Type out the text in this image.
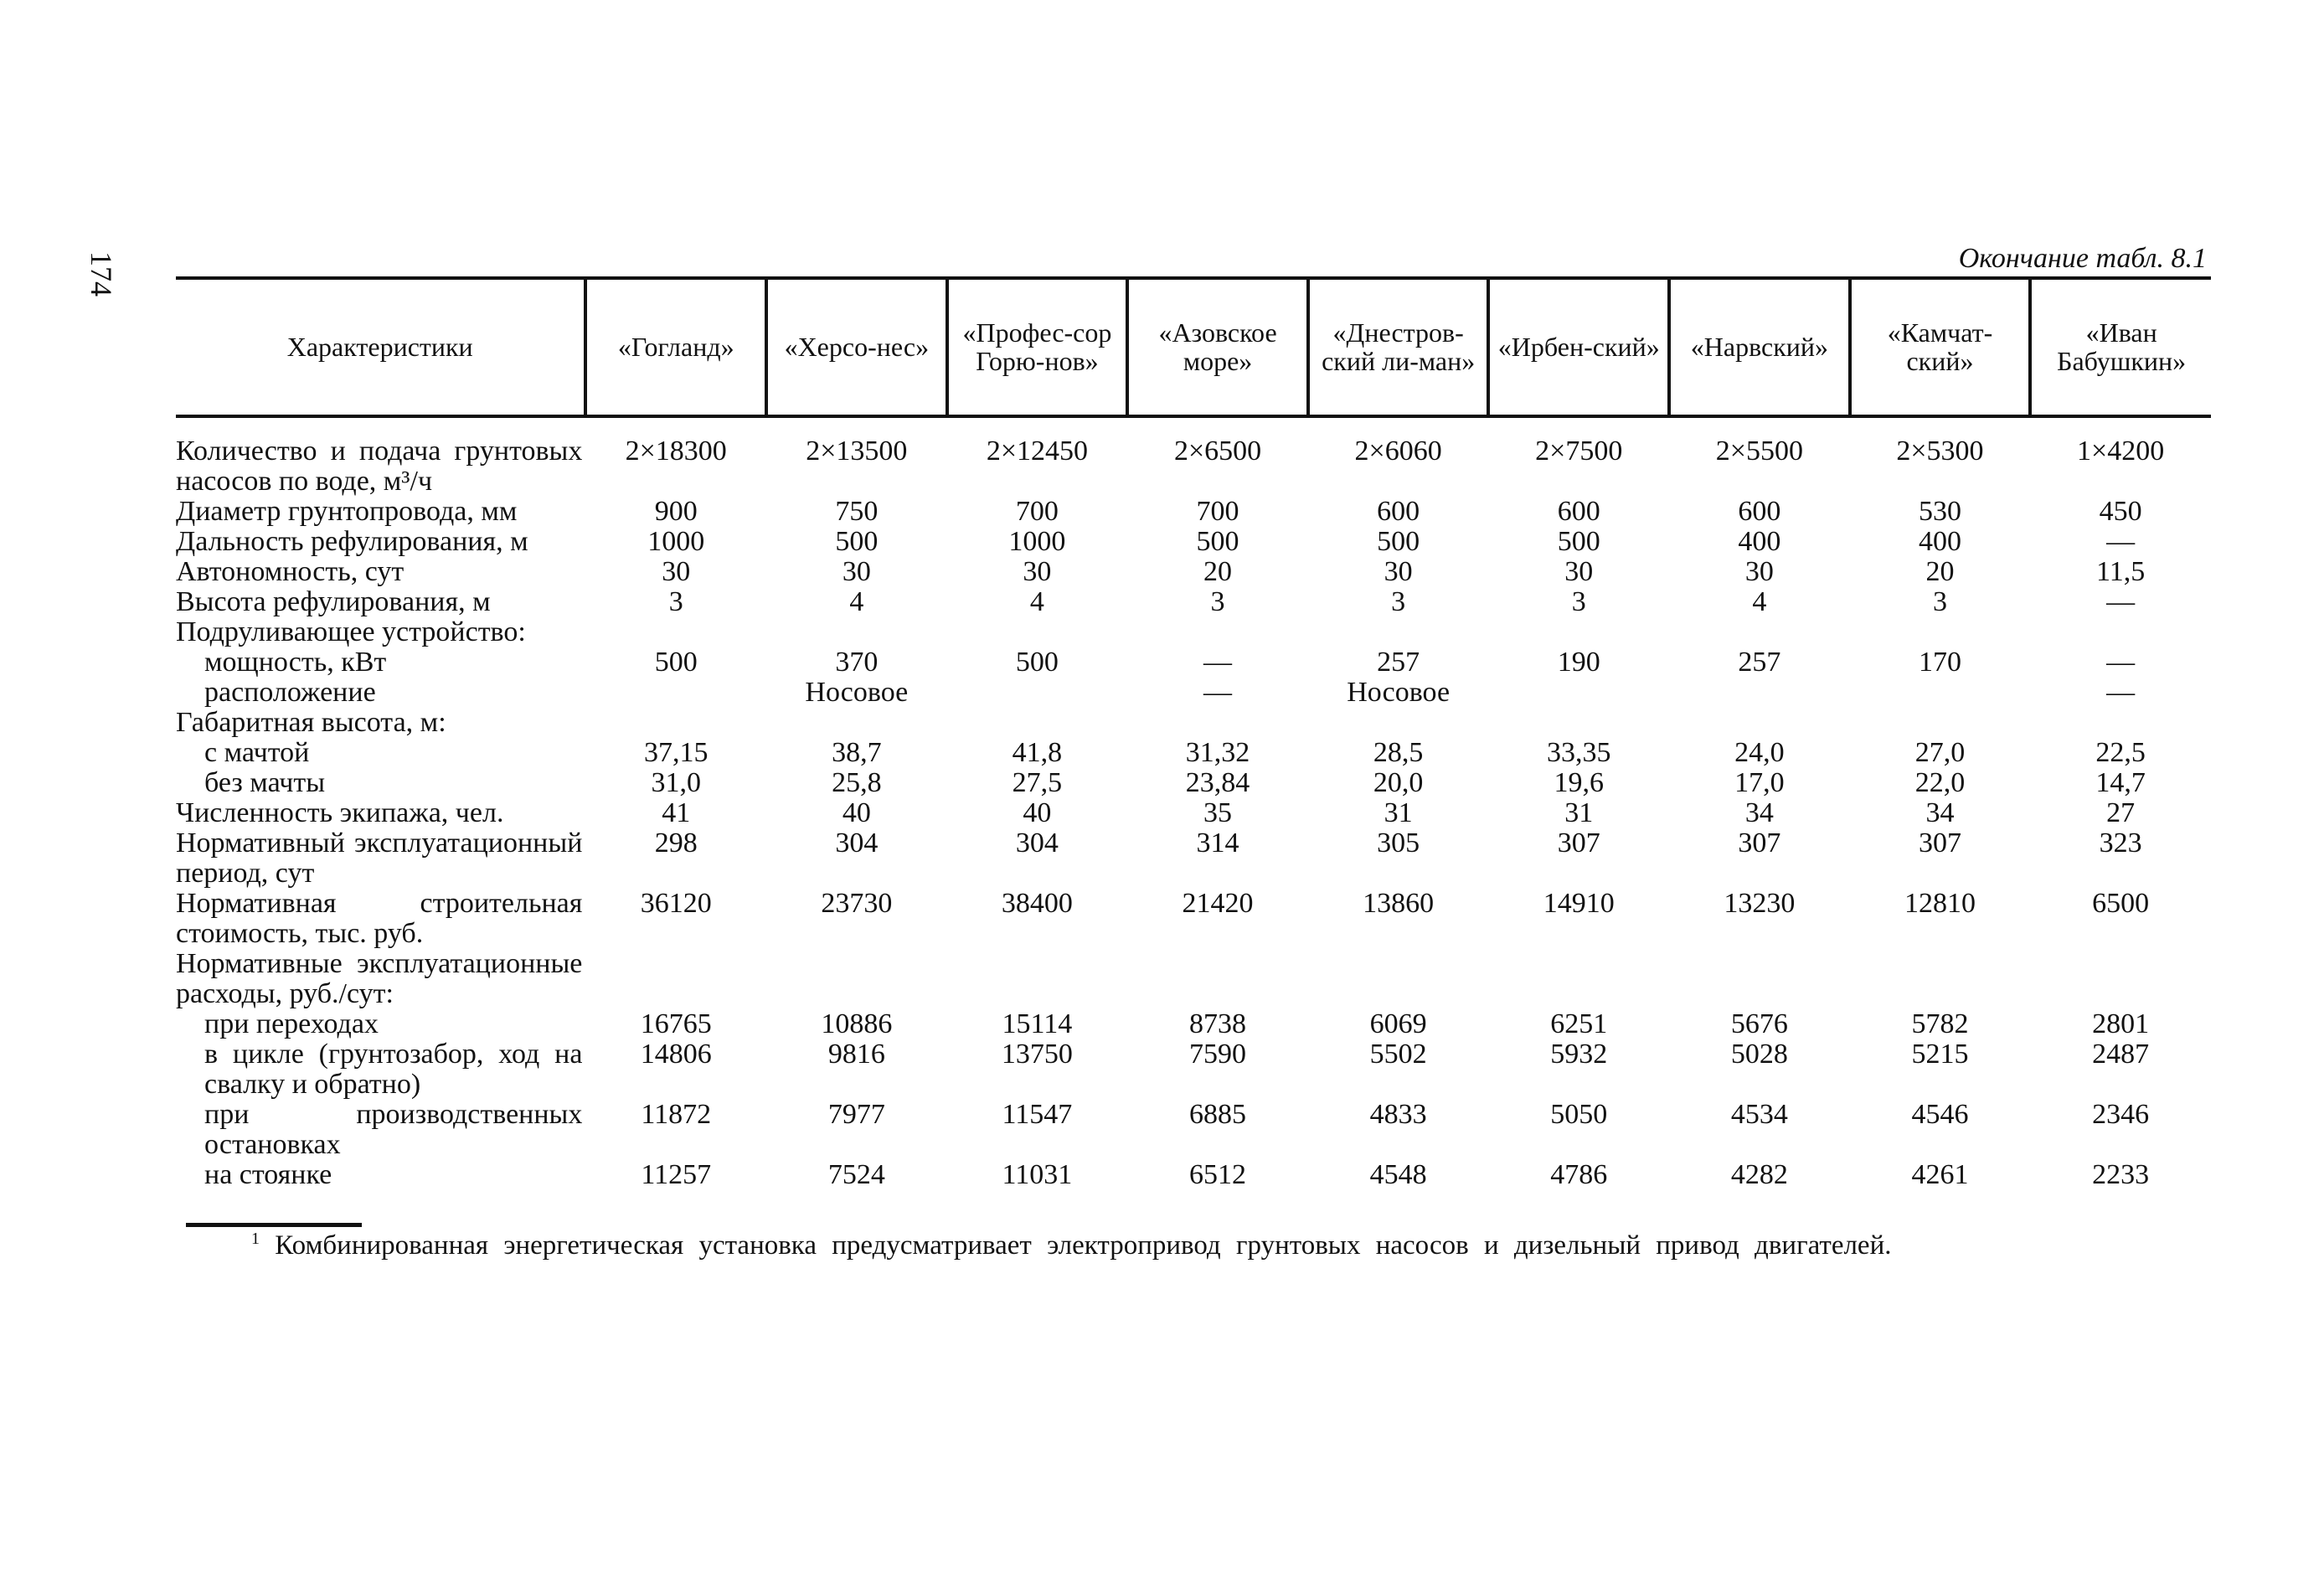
174	Окончание табл. 8.1
Характеристики	«Гогланд»	«Херсо-нес»	«Профес-сор Горю-нов»	«Азовское море»	«Днестров-ский ли-ман»	«Ирбен-ский»	«Нарвский»	«Камчат-ский»	«Иван Бабушкин»

Количество и подача грунтовых насосов по воде, м³/ч	2×18300	2×13500	2×12450	2×6500	2×6060	2×7500	2×5500	2×5300	1×4200
Диаметр грунтопровода, мм	900	750	700	700	600	600	600	530	450
Дальность рефулирования, м	1000	500	1000	500	500	500	400	400	—
Автономность, сут	30	30	30	20	30	30	30	20	11,5
Высота рефулирования, м	3	4	4	3	3	3	4	3	—
Подруливающее устройство:									
мощность, кВт	500	370	500	—	257	190	257	170	—
расположение		Носовое		—	Носовое				—
Габаритная высота, м:									
с мачтой	37,15	38,7	41,8	31,32	28,5	33,35	24,0	27,0	22,5
без мачты	31,0	25,8	27,5	23,84	20,0	19,6	17,0	22,0	14,7
Численность экипажа, чел.	41	40	40	35	31	31	34	34	27
Нормативный эксплуатационный период, сут	298	304	304	314	305	307	307	307	323
Нормативная строительная стоимость, тыс. руб.	36120	23730	38400	21420	13860	14910	13230	12810	6500
Нормативные эксплуатационные расходы, руб./сут:									
при переходах	16765	10886	15114	8738	6069	6251	5676	5782	2801
в цикле (грунтозабор, ход на свалку и обратно)	14806	9816	13750	7590	5502	5932	5028	5215	2487
при производственных остановках	11872	7977	11547	6885	4833	5050	4534	4546	2346
на стоянке	11257	7524	11031	6512	4548	4786	4282	4261	2233
$^1$ Комбинированная энергетическая установка предусматривает электропривод грунтовых насосов и дизельный привод двигателей.
